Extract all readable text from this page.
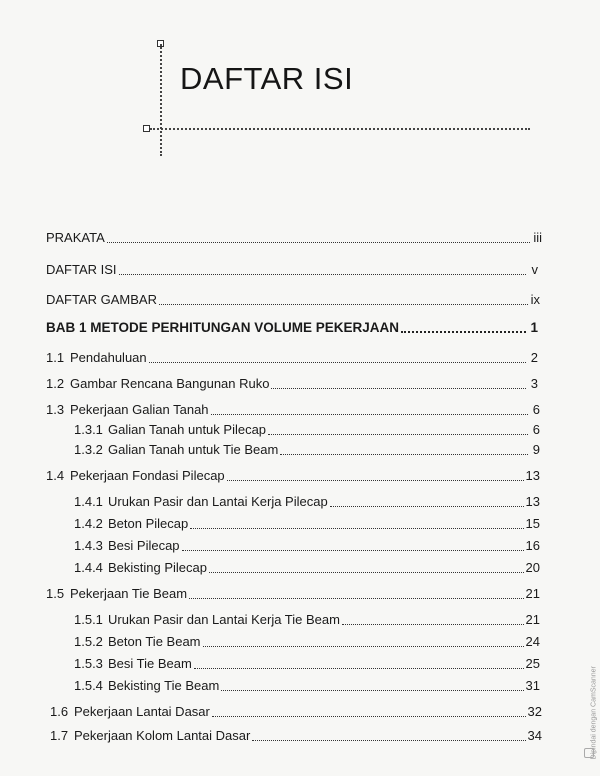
DAFTAR ISI
PRAKATA	iii
DAFTAR ISI	v
DAFTAR GAMBAR	ix
BAB 1 METODE PERHITUNGAN VOLUME PEKERJAAN	1
1.1 Pendahuluan	2
1.2 Gambar Rencana Bangunan Ruko	3
1.3 Pekerjaan Galian Tanah	6
1.3.1 Galian Tanah untuk Pilecap	6
1.3.2 Galian Tanah untuk Tie Beam	9
1.4 Pekerjaan Fondasi Pilecap	13
1.4.1 Urukan Pasir dan Lantai Kerja Pilecap	13
1.4.2 Beton Pilecap	15
1.4.3 Besi Pilecap	16
1.4.4 Bekisting Pilecap	20
1.5 Pekerjaan Tie Beam	21
1.5.1 Urukan Pasir dan Lantai Kerja Tie Beam	21
1.5.2 Beton Tie Beam	24
1.5.3 Besi Tie Beam	25
1.5.4 Bekisting Tie Beam	31
1.6 Pekerjaan Lantai Dasar	32
1.7 Pekerjaan Kolom Lantai Dasar	34	Dipindai dengan CamScanner
